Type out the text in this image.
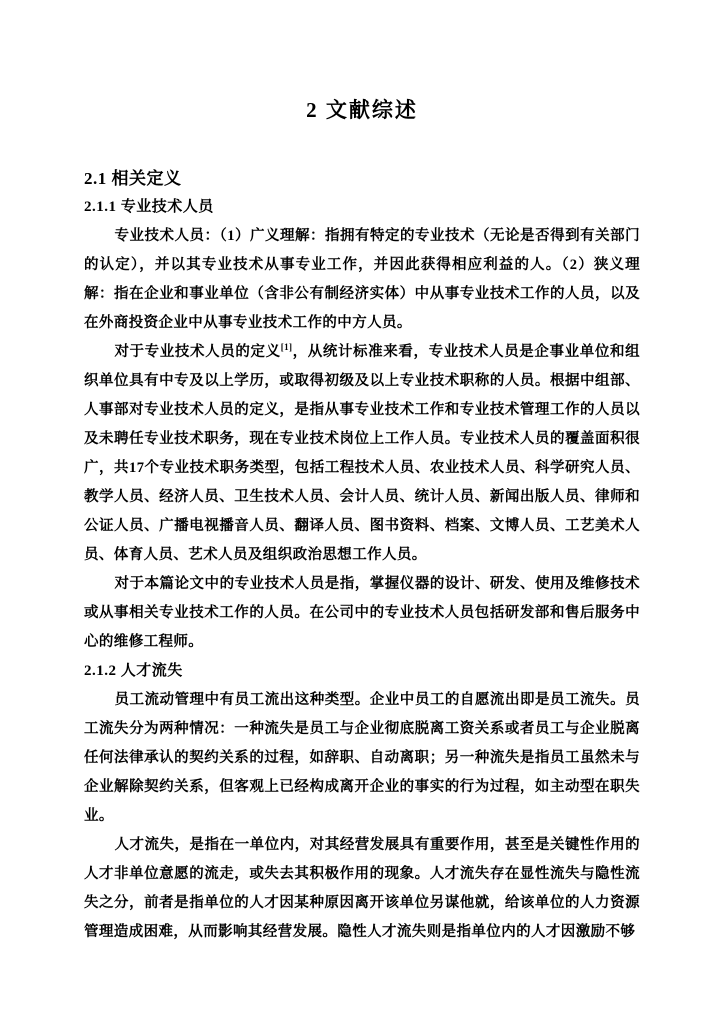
2 文献综述
2.1 相关定义
2.1.1 专业技术人员

专业技术人员：（1）广义理解：指拥有特定的专业技术（无论是否得到有关部门的认定），并以其专业技术从事专业工作，并因此获得相应利益的人。（2）狭义理解：指在企业和事业单位（含非公有制经济实体）中从事专业技术工作的人员，以及在外商投资企业中从事专业技术工作的中方人员。

对于专业技术人员的定义[1]，从统计标准来看，专业技术人员是企事业单位和组织单位具有中专及以上学历，或取得初级及以上专业技术职称的人员。根据中组部、人事部对专业技术人员的定义，是指从事专业技术工作和专业技术管理工作的人员以及未聘任专业技术职务，现在专业技术岗位上工作人员。专业技术人员的覆盖面积很广，共17个专业技术职务类型，包括工程技术人员、农业技术人员、科学研究人员、教学人员、经济人员、卫生技术人员、会计人员、统计人员、新闻出版人员、律师和公证人员、广播电视播音人员、翻译人员、图书资料、档案、文博人员、工艺美术人员、体育人员、艺术人员及组织政治思想工作人员。

对于本篇论文中的专业技术人员是指，掌握仪器的设计、研发、使用及维修技术或从事相关专业技术工作的人员。在公司中的专业技术人员包括研发部和售后服务中心的维修工程师。

2.1.2 人才流失

员工流动管理中有员工流出这种类型。企业中员工的自愿流出即是员工流失。员工流失分为两种情况：一种流失是员工与企业彻底脱离工资关系或者员工与企业脱离任何法律承认的契约关系的过程，如辞职、自动离职；另一种流失是指员工虽然未与企业解除契约关系，但客观上已经构成离开企业的事实的行为过程，如主动型在职失业。

人才流失，是指在一单位内，对其经营发展具有重要作用，甚至是关键性作用的人才非单位意愿的流走，或失去其积极作用的现象。人才流失存在显性流失与隐性流失之分，前者是指单位的人才因某种原因离开该单位另谋他就，给该单位的人力资源管理造成困难，从而影响其经营发展。隐性人才流失则是指单位内的人才因激励不够
